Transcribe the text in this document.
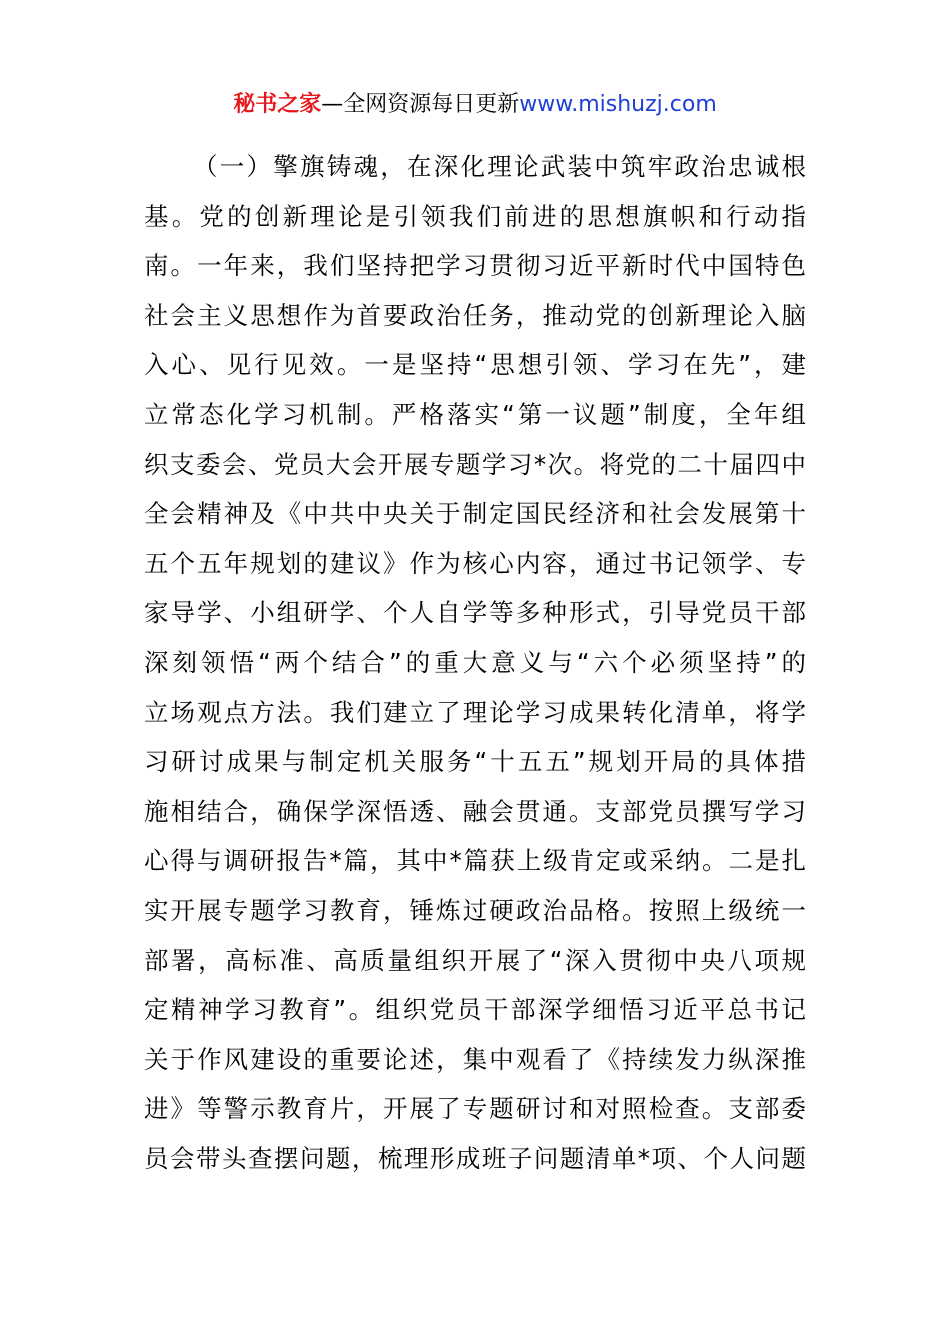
秘书之家—全网资源每日更新www.mishuzj.com
（一）擎旗铸魂，在深化理论武装中筑牢政治忠诚根
基。党的创新理论是引领我们前进的思想旗帜和行动指
南。一年来，我们坚持把学习贯彻习近平新时代中国特色
社会主义思想作为首要政治任务，推动党的创新理论入脑
入心、见行见效。一是坚持“思想引领、学习在先”，建
立常态化学习机制。严格落实“第一议题”制度，全年组
织支委会、党员大会开展专题学习*次。将党的二十届四中
全会精神及《中共中央关于制定国民经济和社会发展第十
五个五年规划的建议》作为核心内容，通过书记领学、专
家导学、小组研学、个人自学等多种形式，引导党员干部
深刻领悟“两个结合”的重大意义与“六个必须坚持”的
立场观点方法。我们建立了理论学习成果转化清单，将学
习研讨成果与制定机关服务“十五五”规划开局的具体措
施相结合，确保学深悟透、融会贯通。支部党员撰写学习
心得与调研报告*篇，其中*篇获上级肯定或采纳。二是扎
实开展专题学习教育，锤炼过硬政治品格。按照上级统一
部署，高标准、高质量组织开展了“深入贯彻中央八项规
定精神学习教育”。组织党员干部深学细悟习近平总书记
关于作风建设的重要论述，集中观看了《持续发力纵深推
进》等警示教育片，开展了专题研讨和对照检查。支部委
员会带头查摆问题，梳理形成班子问题清单*项、个人问题
